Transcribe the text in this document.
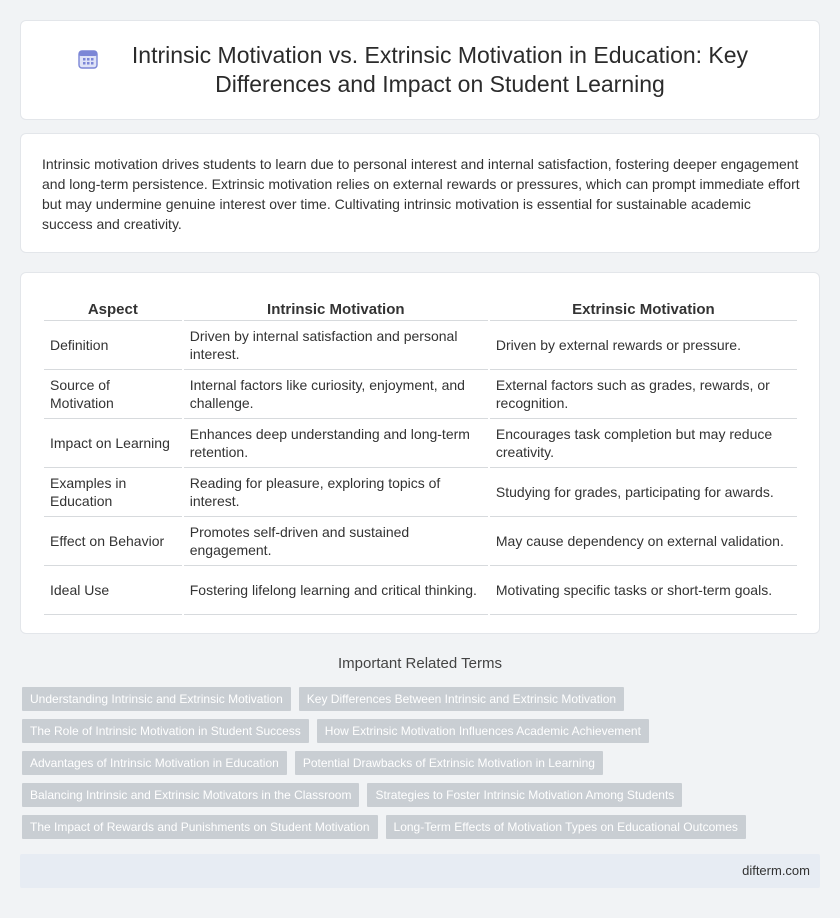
Intrinsic Motivation vs. Extrinsic Motivation in Education: Key Differences and Impact on Student Learning

Intrinsic motivation drives students to learn due to personal interest and internal satisfaction, fostering deeper engagement and long-term persistence. Extrinsic motivation relies on external rewards or pressures, which can prompt immediate effort but may undermine genuine interest over time. Cultivating intrinsic motivation is essential for sustainable academic success and creativity.

Aspect	Intrinsic Motivation	Extrinsic Motivation
Definition	Driven by internal satisfaction and personal interest.	Driven by external rewards or pressure.
Source of Motivation	Internal factors like curiosity, enjoyment, and challenge.	External factors such as grades, rewards, or recognition.
Impact on Learning	Enhances deep understanding and long-term retention.	Encourages task completion but may reduce creativity.
Examples in Education	Reading for pleasure, exploring topics of interest.	Studying for grades, participating for awards.
Effect on Behavior	Promotes self-driven and sustained engagement.	May cause dependency on external validation.
Ideal Use	Fostering lifelong learning and critical thinking.	Motivating specific tasks or short-term goals.
Important Related Terms
Understanding Intrinsic and Extrinsic Motivation	Key Differences Between Intrinsic and Extrinsic Motivation
The Role of Intrinsic Motivation in Student Success	How Extrinsic Motivation Influences Academic Achievement
Advantages of Intrinsic Motivation in Education	Potential Drawbacks of Extrinsic Motivation in Learning
Balancing Intrinsic and Extrinsic Motivators in the Classroom	Strategies to Foster Intrinsic Motivation Among Students
The Impact of Rewards and Punishments on Student Motivation	Long-Term Effects of Motivation Types on Educational Outcomes
difterm.com
